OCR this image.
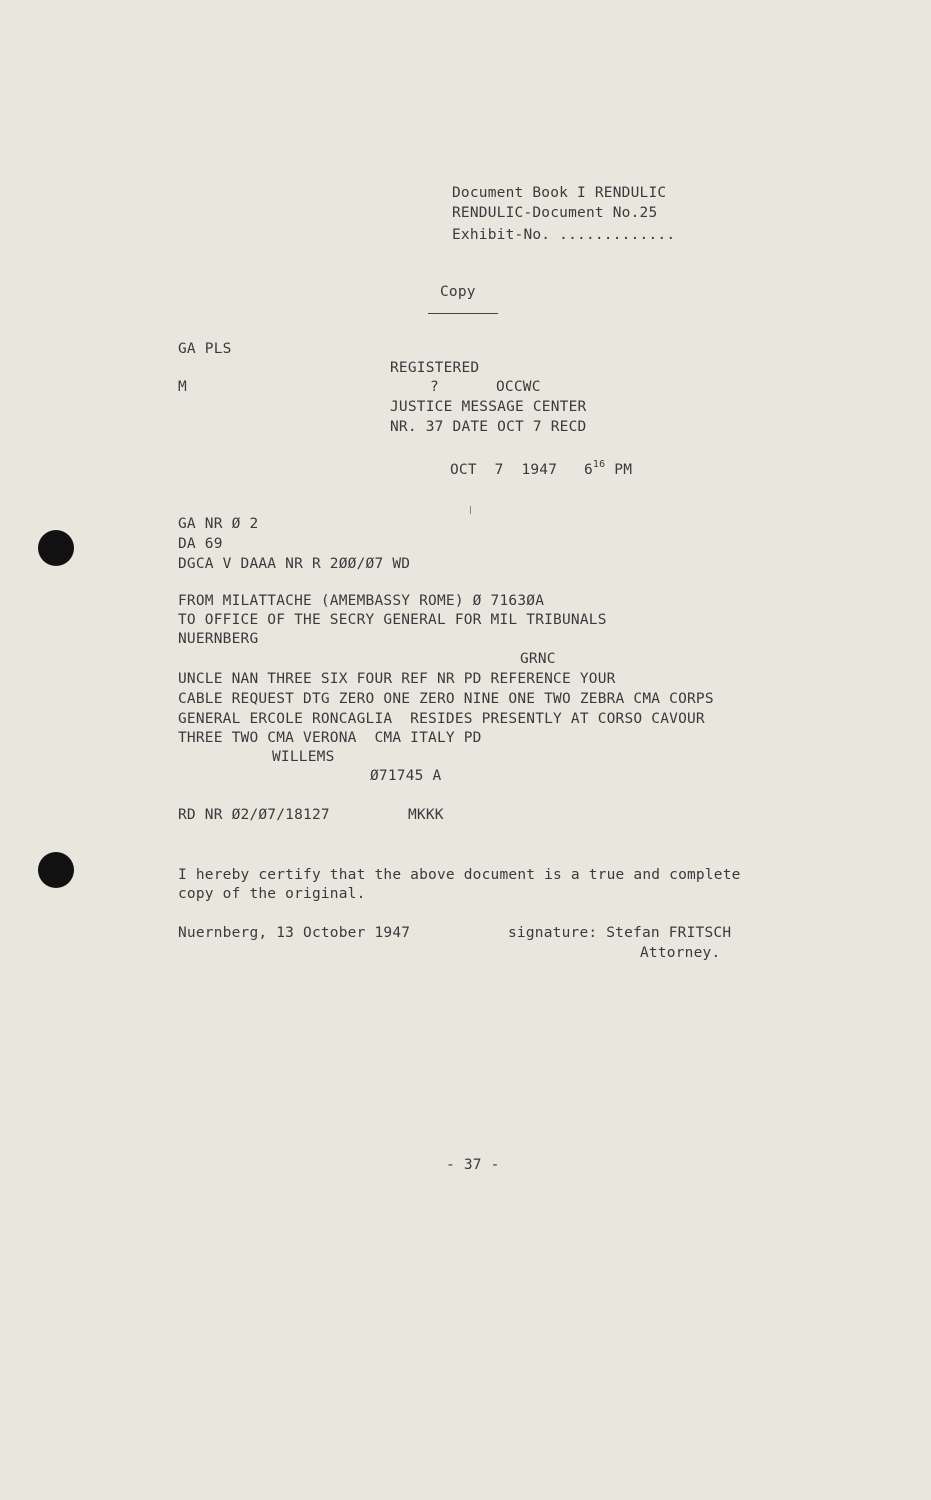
Document Book I RENDULIC
RENDULIC-Document No.25
Exhibit-No. .............
Copy
GA PLS
REGISTERED
M	?	OCCWC
JUSTICE MESSAGE CENTER
NR. 37 DATE OCT 7 RECD
OCT  7  1947   $6^{16}$ PM
GA NR Ø 2
DA 69
DGCA V DAAA NR R 2ØØ/Ø7 WD
FROM MILATTACHE (AMEMBASSY ROME) Ø 7163ØA
TO OFFICE OF THE SECRY GENERAL FOR MIL TRIBUNALS
NUERNBERG
GRNC
UNCLE NAN THREE SIX FOUR REF NR PD REFERENCE YOUR
CABLE REQUEST DTG ZERO ONE ZERO NINE ONE TWO ZEBRA CMA CORPS
GENERAL ERCOLE RONCAGLIA  RESIDES PRESENTLY AT CORSO CAVOUR
THREE TWO CMA VERONA  CMA ITALY PD
WILLEMS
Ø71745 A
RD NR Ø2/Ø7/18127	MKKK
I hereby certify that the above document is a true and complete
copy of the original.
Nuernberg, 13 October 1947	signature: Stefan FRITSCH
Attorney.
- 37 -
